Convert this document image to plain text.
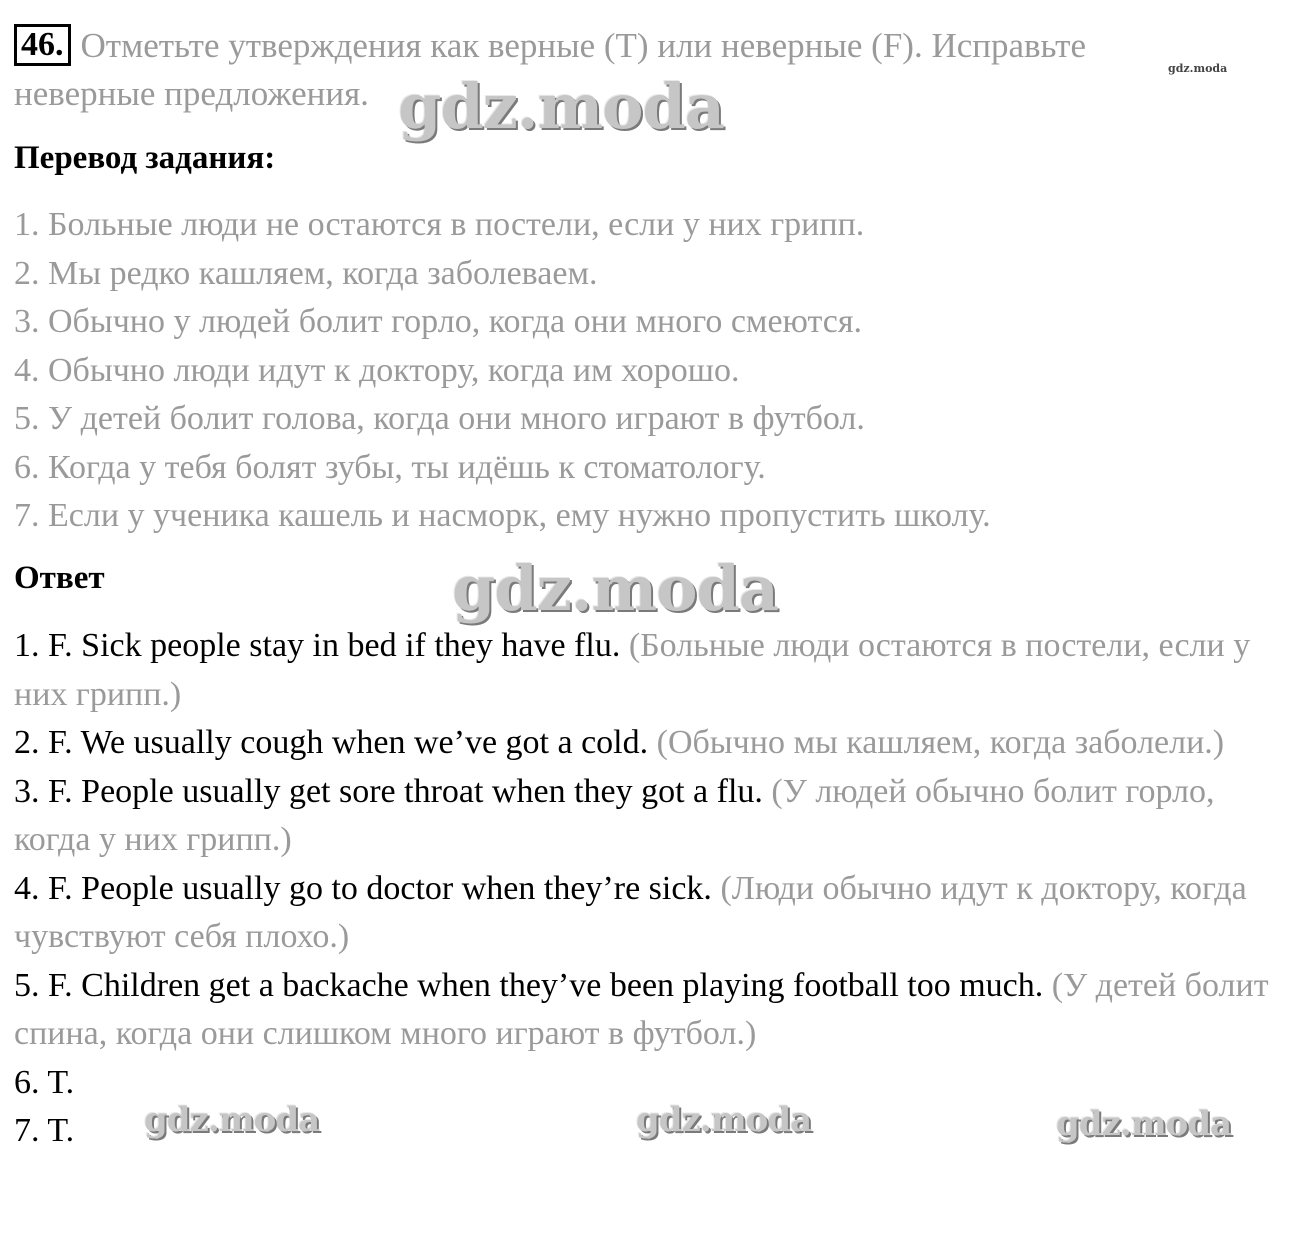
46. Отметьте утверждения как верные (T) или неверные (F). Исправьте
неверные предложения.
Перевод задания:
1. Больные люди не остаются в постели, если у них грипп.
2. Мы редко кашляем, когда заболеваем.
3. Обычно у людей болит горло, когда они много смеются.
4. Обычно люди идут к доктору, когда им хорошо.
5. У детей болит голова, когда они много играют в футбол.
6. Когда у тебя болят зубы, ты идёшь к стоматологу.
7. Если у ученика кашель и насморк, ему нужно пропустить школу.
Ответ
1. F. Sick people stay in bed if they have flu. (Больные люди остаются в постели, если у них грипп.)
2. F. We usually cough when we’ve got a cold. (Обычно мы кашляем, когда заболели.)
3. F. People usually get sore throat when they got a flu. (У людей обычно болит горло, когда у них грипп.)
4. F. People usually go to doctor when they’re sick. (Люди обычно идут к доктору, когда чувствуют себя плохо.)
5. F. Children get a backache when they’ve been playing football too much. (У детей болит спина, когда они слишком много играют в футбол.)
6. T.
7. T.
gdz.moda
gdz.moda
gdz.moda
gdz.moda	gdz.moda	gdz.moda
